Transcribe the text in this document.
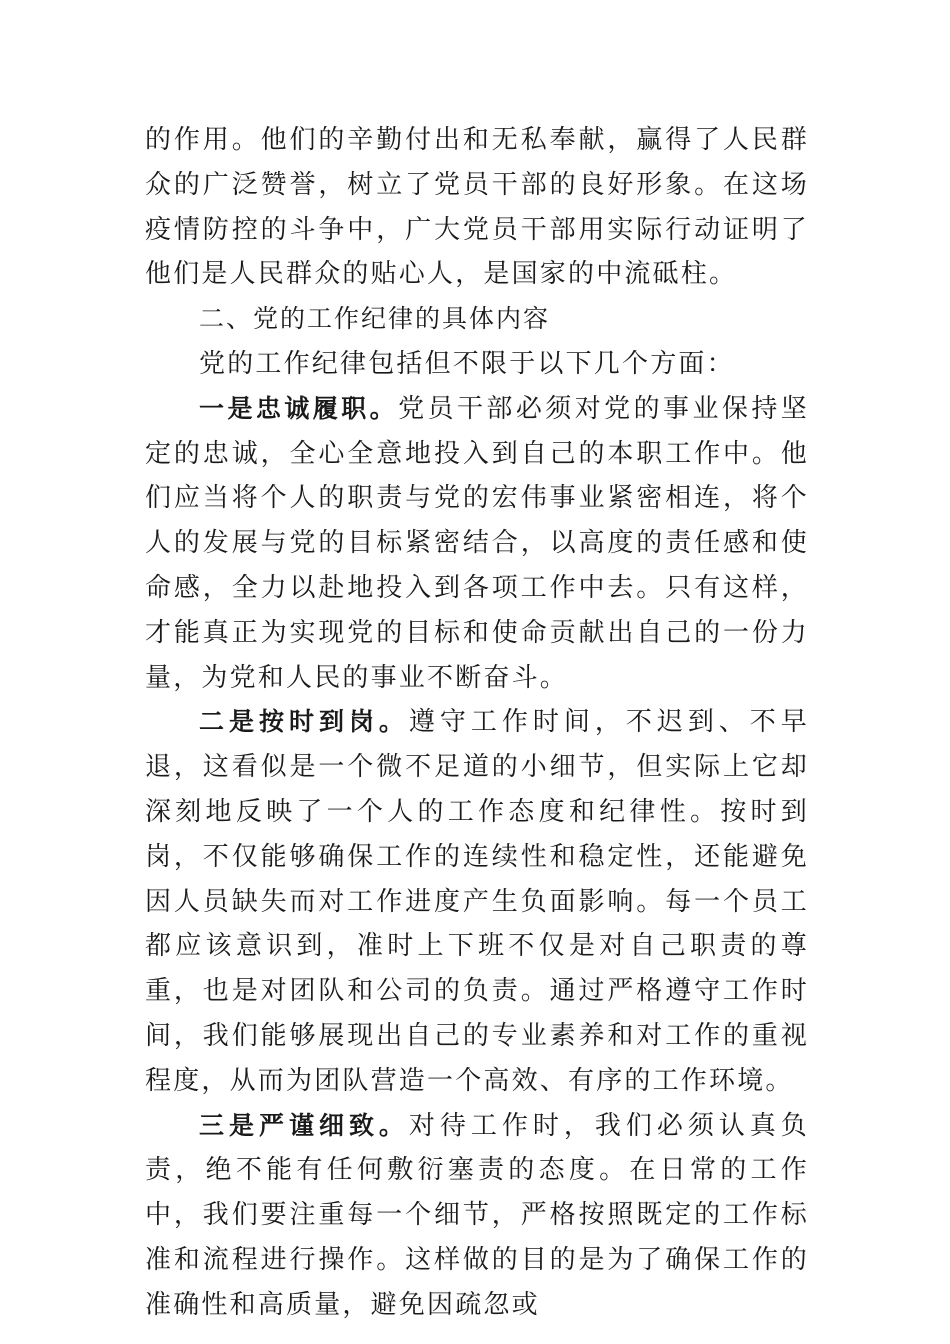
的作用。他们的辛勤付出和无私奉献，赢得了人民群众的广泛赞誉，树立了党员干部的良好形象。在这场疫情防控的斗争中，广大党员干部用实际行动证明了他们是人民群众的贴心人，是国家的中流砥柱。

二、党的工作纪律的具体内容

党的工作纪律包括但不限于以下几个方面：

一是忠诚履职。党员干部必须对党的事业保持坚定的忠诚，全心全意地投入到自己的本职工作中。他们应当将个人的职责与党的宏伟事业紧密相连，将个人的发展与党的目标紧密结合，以高度的责任感和使命感，全力以赴地投入到各项工作中去。只有这样，才能真正为实现党的目标和使命贡献出自己的一份力量，为党和人民的事业不断奋斗。

二是按时到岗。遵守工作时间，不迟到、不早退，这看似是一个微不足道的小细节，但实际上它却深刻地反映了一个人的工作态度和纪律性。按时到岗，不仅能够确保工作的连续性和稳定性，还能避免因人员缺失而对工作进度产生负面影响。每一个员工都应该意识到，准时上下班不仅是对自己职责的尊重，也是对团队和公司的负责。通过严格遵守工作时间，我们能够展现出自己的专业素养和对工作的重视程度，从而为团队营造一个高效、有序的工作环境。

三是严谨细致。对待工作时，我们必须认真负责，绝不能有任何敷衍塞责的态度。在日常的工作中，我们要注重每一个细节，严格按照既定的工作标准和流程进行操作。这样做的目的是为了确保工作的准确性和高质量，避免因疏忽或
